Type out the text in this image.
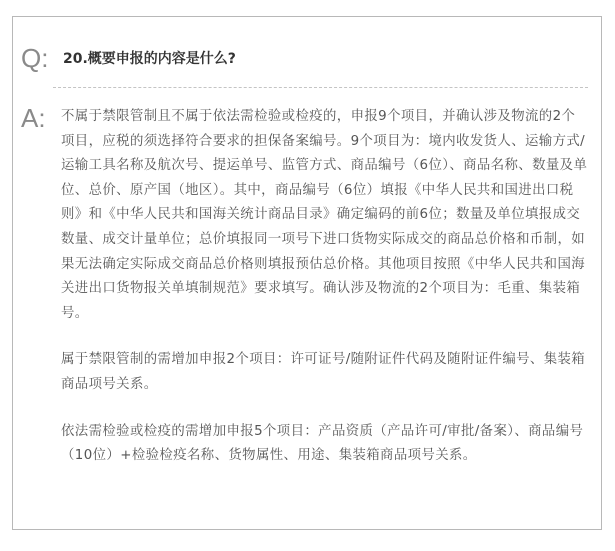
Q: 20.概要申报的内容是什么?
A: 不属于禁限管制且不属于依法需检验或检疫的，申报9个项目，并确认涉及物流的2个项目，应税的须选择符合要求的担保备案编号。9个项目为：境内收发货人、运输方式/运输工具名称及航次号、提运单号、监管方式、商品编号（6位）、商品名称、数量及单位、总价、原产国（地区）。其中，商品编号（6位）填报《中华人民共和国进出口税则》和《中华人民共和国海关统计商品目录》确定编码的前6位；数量及单位填报成交数量、成交计量单位；总价填报同一项号下进口货物实际成交的商品总价格和币制，如果无法确定实际成交商品总价格则填报预估总价格。其他项目按照《中华人民共和国海关进出口货物报关单填制规范》要求填写。确认涉及物流的2个项目为：毛重、集装箱号。

属于禁限管制的需增加申报2个项目：许可证号/随附证件代码及随附证件编号、集装箱商品项号关系。

依法需检验或检疫的需增加申报5个项目：产品资质（产品许可/审批/备案）、商品编号（10位）+检验检疫名称、货物属性、用途、集装箱商品项号关系。
